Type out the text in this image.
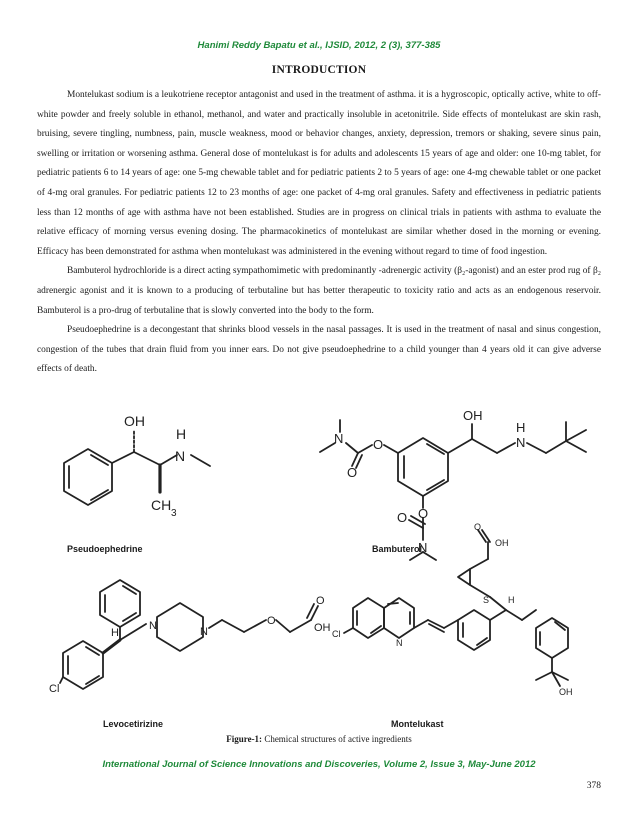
Hanimi Reddy Bapatu et al., IJSID, 2012, 2 (3), 377-385
INTRODUCTION

Montelukast sodium is a leukotriene receptor antagonist and used in the treatment of asthma. it is a hygroscopic, optically active, white to off-white powder and freely soluble in ethanol, methanol, and water and practically insoluble in acetonitrile. Side effects of montelukast are skin rash, bruising, severe tingling, numbness, pain, muscle weakness, mood or behavior changes, anxiety, depression, tremors or shaking, severe sinus pain, swelling or irritation or worsening asthma. General dose of montelukast is for adults and adolescents 15 years of age and older: one 10-mg tablet, for pediatric patients 6 to 14 years of age: one 5-mg chewable tablet and for pediatric patients 2 to 5 years of age: one 4-mg chewable tablet or one packet of 4-mg oral granules. For pediatric patients 12 to 23 months of age: one packet of 4-mg oral granules. Safety and effectiveness in pediatric patients less than 12 months of age with asthma have not been established. Studies are in progress on clinical trials in patients with asthma to evaluate the relative efficacy of morning versus evening dosing. The pharmacokinetics of montelukast are similar whether dosed in the morning or evening. Efficacy has been demonstrated for asthma when montelukast was administered in the evening without regard to time of food ingestion.

Bambuterol hydrochloride is a direct acting sympathomimetic with predominantly -adrenergic activity (β₂-agonist) and an ester prod rug of β₂ adrenergic agonist and it is known to a producing of terbutaline but has better therapeutic to toxicity ratio and acts as an endogenous reservoir. Bambuterol is a pro-drug of terbutaline that is slowly converted into the body to the form.

Pseudoephedrine is a decongestant that shrinks blood vessels in the nasal passages. It is used in the treatment of nasal and sinus congestion, congestion of the tubes that drain fluid from you inner ears. Do not give pseudoephedrine to a child younger than 4 years old it can give adverse effects of death.

OH
H
N
CH
3
OH
N
H
N
O
O
O
O
N
H
N	N
Cl
O
O
OH
OH
O
S H
N
Cl
OH
Pseudoephedrine	Bambuterol
Levocetirizine	Montelukast
Figure-1: Chemical structures of active ingredients
International Journal of Science Innovations and Discoveries, Volume 2, Issue 3, May-June 2012
378
